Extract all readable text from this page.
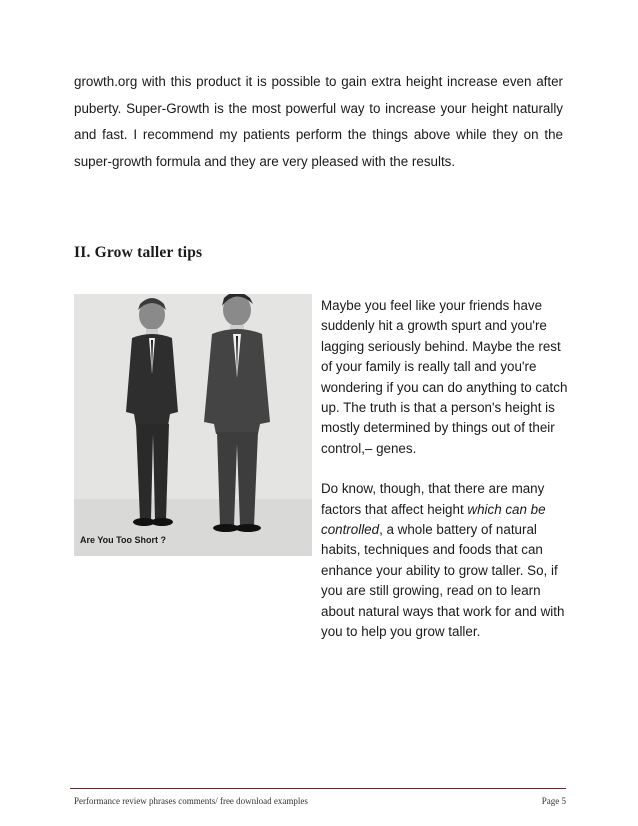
growth.org with this product it is possible to gain extra height increase even after puberty. Super-Growth is the most powerful way to increase your height naturally and fast. I recommend my patients perform the things above while they on the super-growth formula and they are very pleased with the results.

II. Grow taller tips
Are You Too Short ?

Maybe you feel like your friends have suddenly hit a growth spurt and you're lagging seriously behind. Maybe the rest of your family is really tall and you're wondering if you can do anything to catch up. The truth is that a person's height is mostly determined by things out of their control,– genes.

Do know, though, that there are many factors that affect height which can be controlled, a whole battery of natural habits, techniques and foods that can enhance your ability to grow taller. So, if you are still growing, read on to learn about natural ways that work for and with you to help you grow taller.

Performance review phrases comments/ free download examples	Page 5
